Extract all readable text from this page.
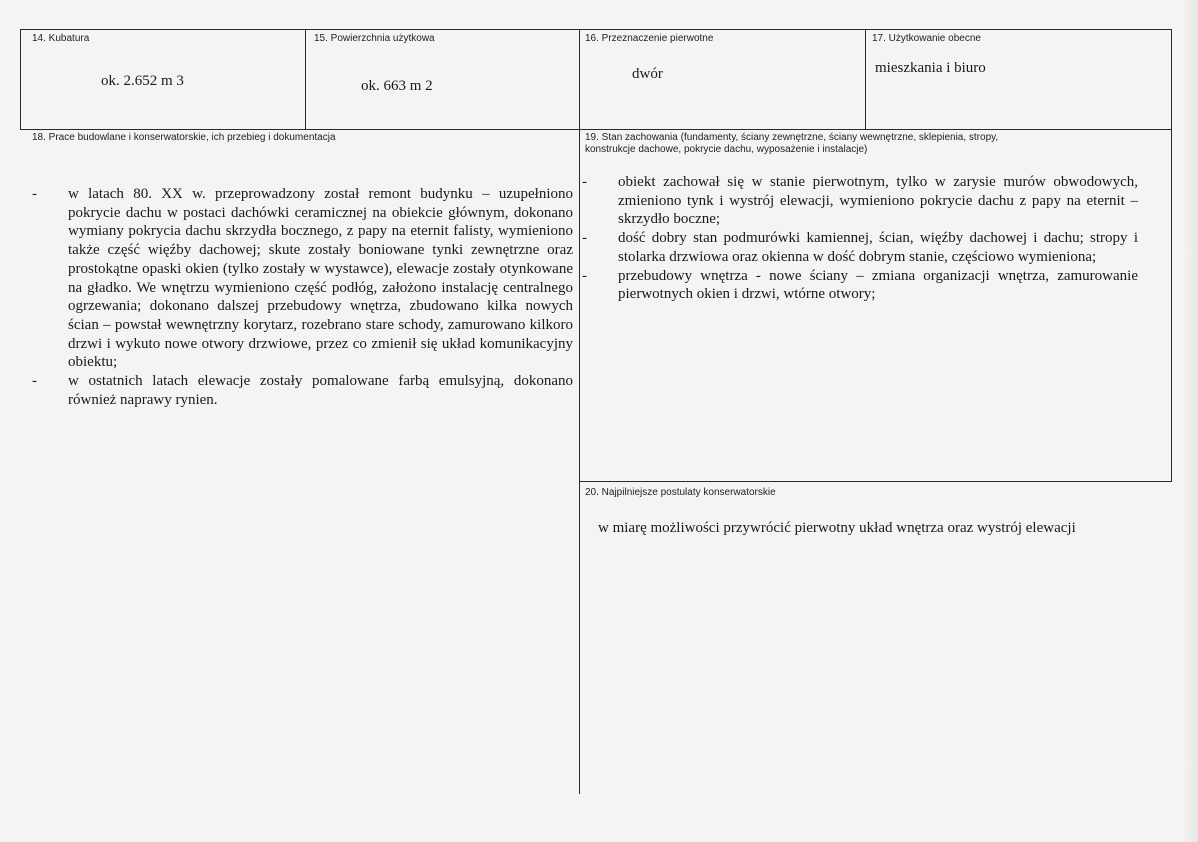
14. Kubatura
ok. 2.652 m 3
15. Powierzchnia użytkowa
ok. 663 m 2
16. Przeznaczenie pierwotne
dwór
17. Użytkowanie obecne
mieszkania i biuro
18. Prace budowlane i konserwatorskie, ich przebieg i dokumentacja
- w latach 80. XX w. przeprowadzony został remont budynku – uzupełniono pokrycie dachu w postaci dachówki ceramicznej na obiekcie głównym, dokonano wymiany pokrycia dachu skrzydła bocznego, z papy na eternit falisty, wymieniono także część więźby dachowej; skute zostały boniowane tynki zewnętrzne oraz prostokątne opaski okien (tylko zostały w wystawce), elewacje zostały otynkowane na gładko. We wnętrzu wymieniono część podłóg, założono instalację centralnego ogrzewania; dokonano dalszej przebudowy wnętrza, zbudowano kilka nowych ścian – powstał wewnętrzny korytarz, rozebrano stare schody, zamurowano kilkoro drzwi i wykuto nowe otwory drzwiowe, przez co zmienił się układ komunikacyjny obiektu;
- w ostatnich latach elewacje zostały pomalowane farbą emulsyjną, dokonano również naprawy rynien.
19. Stan zachowania (fundamenty, ściany zewnętrzne, ściany wewnętrzne, sklepienia, stropy,
konstrukcje dachowe, pokrycie dachu, wyposażenie i instalacje)
- obiekt zachował się w stanie pierwotnym, tylko w zarysie murów obwodowych, zmieniono tynk i wystrój elewacji, wymieniono pokrycie dachu z papy na eternit – skrzydło boczne;
- dość dobry stan podmurówki kamiennej, ścian, więźby dachowej i dachu; stropy i stolarka drzwiowa oraz okienna w dość dobrym stanie, częściowo wymieniona;
- przebudowy wnętrza - nowe ściany – zmiana organizacji wnętrza, zamurowanie pierwotnych okien i drzwi, wtórne otwory;
20. Najpilniejsze postulaty konserwatorskie
w miarę możliwości przywrócić pierwotny układ wnętrza oraz wystrój elewacji
